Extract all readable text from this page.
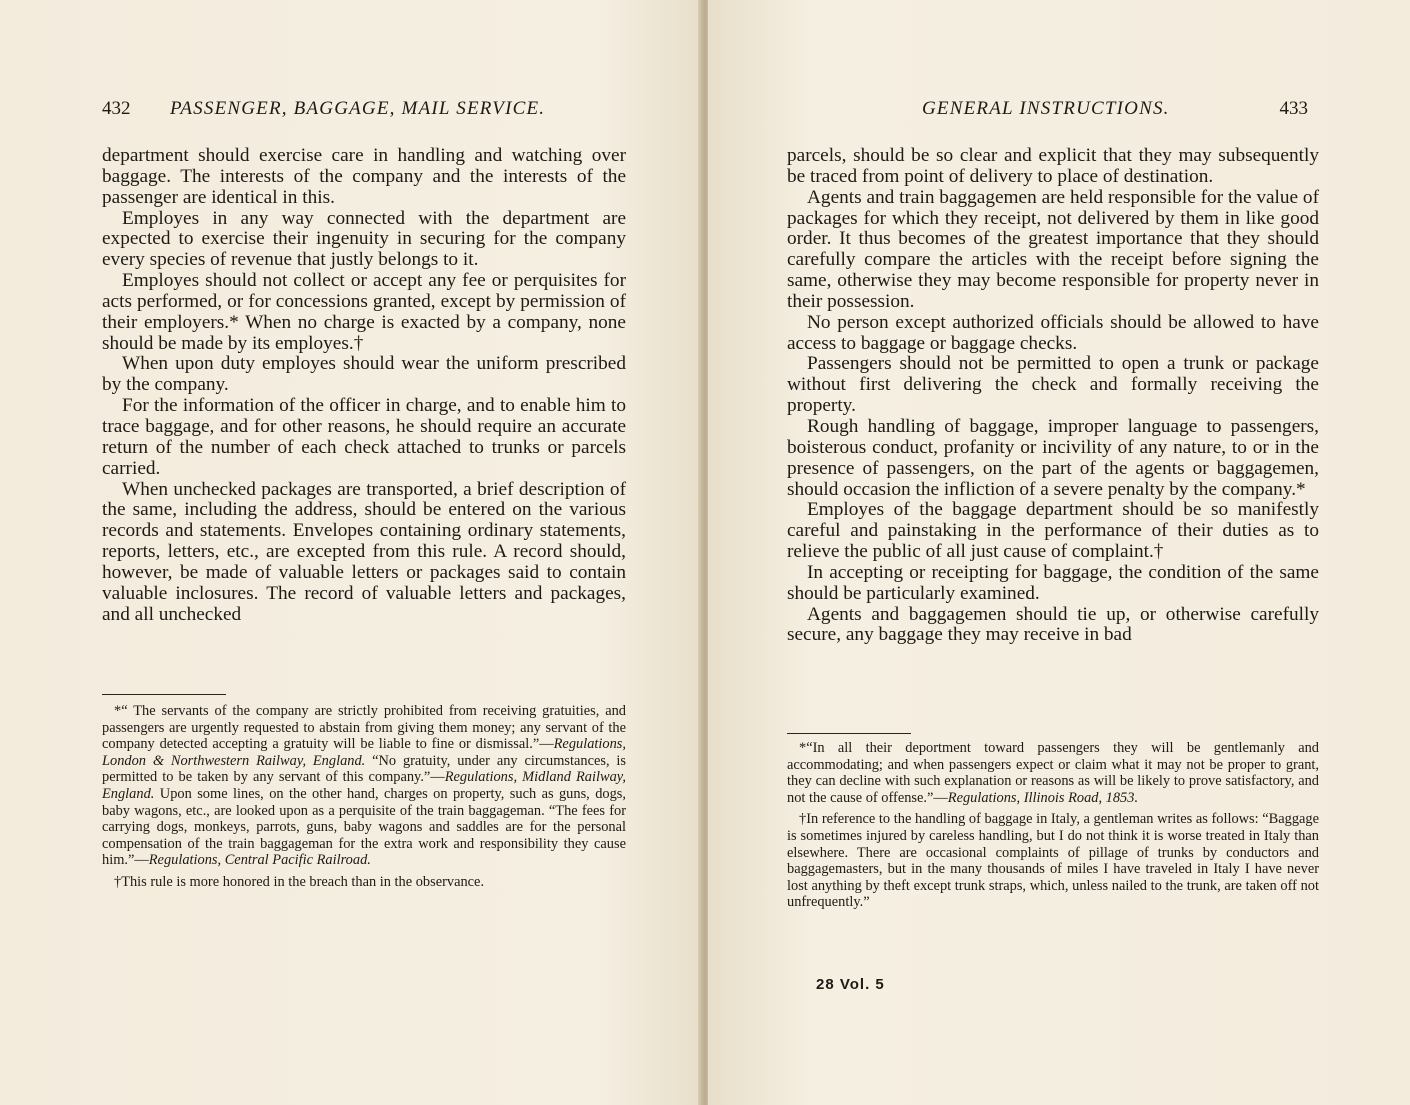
432 PASSENGER, BAGGAGE, MAIL SERVICE.

department should exercise care in handling and watching over baggage. The interests of the company and the interests of the passenger are identical in this.

Employes in any way connected with the department are expected to exercise their ingenuity in securing for the company every species of revenue that justly belongs to it.

Employes should not collect or accept any fee or perquisites for acts performed, or for concessions granted, except by permission of their employers.* When no charge is exacted by a company, none should be made by its employes.†

When upon duty employes should wear the uniform prescribed by the company.

For the information of the officer in charge, and to enable him to trace baggage, and for other reasons, he should require an accurate return of the number of each check attached to trunks or parcels carried.

When unchecked packages are transported, a brief description of the same, including the address, should be entered on the various records and statements. Envelopes containing ordinary statements, reports, letters, etc., are excepted from this rule. A record should, however, be made of valuable letters or packages said to contain valuable inclosures. The record of valuable letters and packages, and all unchecked

*“ The servants of the company are strictly prohibited from receiving gratuities, and passengers are urgently requested to abstain from giving them money; any servant of the company detected accepting a gratuity will be liable to fine or dismissal.”—Regulations, London & Northwestern Railway, England. “No gratuity, under any circumstances, is permitted to be taken by any servant of this company.”—Regulations, Midland Railway, England. Upon some lines, on the other hand, charges on property, such as guns, dogs, baby wagons, etc., are looked upon as a perquisite of the train baggageman. “The fees for carrying dogs, monkeys, parrots, guns, baby wagons and saddles are for the personal compensation of the train baggageman for the extra work and responsibility they cause him.”—Regulations, Central Pacific Railroad.

†This rule is more honored in the breach than in the observance.

GENERAL INSTRUCTIONS.	433

parcels, should be so clear and explicit that they may subsequently be traced from point of delivery to place of destination.

Agents and train baggagemen are held responsible for the value of packages for which they receipt, not delivered by them in like good order. It thus becomes of the greatest importance that they should carefully compare the articles with the receipt before signing the same, otherwise they may become responsible for property never in their possession.

No person except authorized officials should be allowed to have access to baggage or baggage checks.

Passengers should not be permitted to open a trunk or package without first delivering the check and formally receiving the property.

Rough handling of baggage, improper language to passengers, boisterous conduct, profanity or incivility of any nature, to or in the presence of passengers, on the part of the agents or baggagemen, should occasion the infliction of a severe penalty by the company.*

Employes of the baggage department should be so manifestly careful and painstaking in the performance of their duties as to relieve the public of all just cause of complaint.†

In accepting or receipting for baggage, the condition of the same should be particularly examined.

Agents and baggagemen should tie up, or otherwise carefully secure, any baggage they may receive in bad

*“In all their deportment toward passengers they will be gentlemanly and accommodating; and when passengers expect or claim what it may not be proper to grant, they can decline with such explanation or reasons as will be likely to prove satisfactory, and not the cause of offense.”—Regulations, Illinois Road, 1853.

†In reference to the handling of baggage in Italy, a gentleman writes as follows: “Baggage is sometimes injured by careless handling, but I do not think it is worse treated in Italy than elsewhere. There are occasional complaints of pillage of trunks by conductors and baggagemasters, but in the many thousands of miles I have traveled in Italy I have never lost anything by theft except trunk straps, which, unless nailed to the trunk, are taken off not unfrequently.”

28 Vol. 5
